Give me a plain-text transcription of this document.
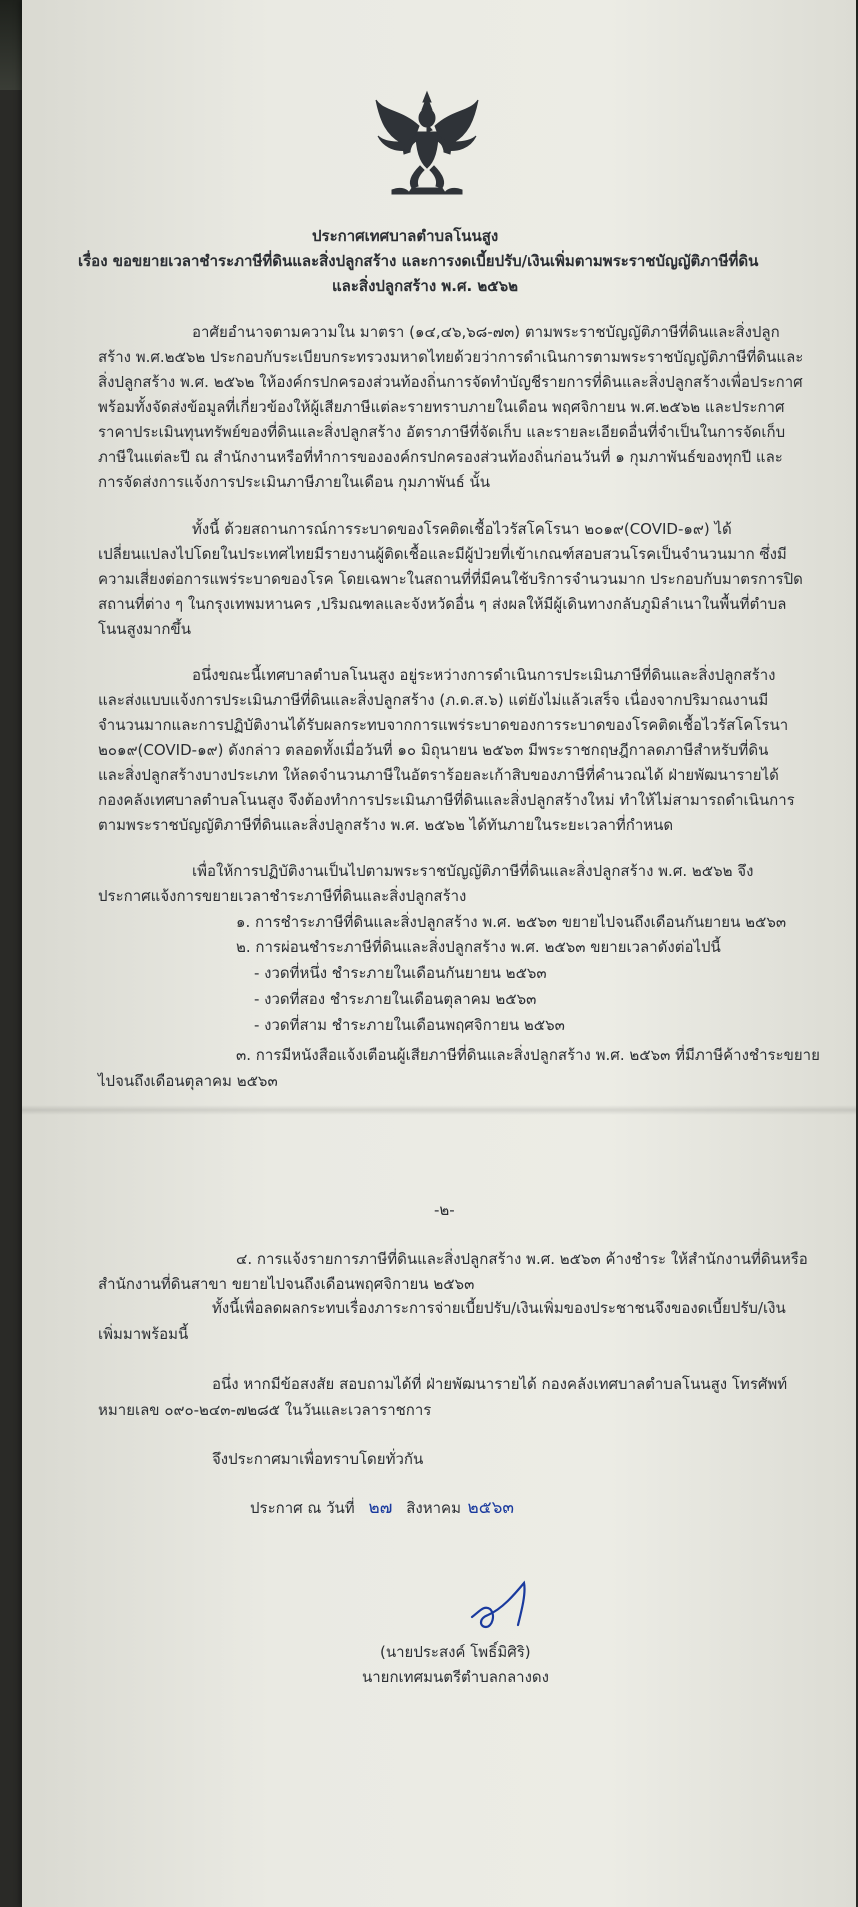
ประกาศเทศบาลตำบลโนนสูง

เรื่อง ขอขยายเวลาชำระภาษีที่ดินและสิ่งปลูกสร้าง และการงดเบี้ยปรับ/เงินเพิ่มตามพระราชบัญญัติภาษีที่ดิน

และสิ่งปลูกสร้าง พ.ศ. ๒๕๖๒

อาศัยอำนาจตามความใน มาตรา (๑๔,๔๖,๖๘-๗๓) ตามพระราชบัญญัติภาษีที่ดินและสิ่งปลูก

สร้าง พ.ศ.๒๕๖๒ ประกอบกับระเบียบกระทรวงมหาดไทยด้วยว่าการดำเนินการตามพระราชบัญญัติภาษีที่ดินและ

สิ่งปลูกสร้าง พ.ศ. ๒๕๖๒ ให้องค์กรปกครองส่วนท้องถิ่นการจัดทำบัญชีรายการที่ดินและสิ่งปลูกสร้างเพื่อประกาศ

พร้อมทั้งจัดส่งข้อมูลที่เกี่ยวข้องให้ผู้เสียภาษีแต่ละรายทราบภายในเดือน พฤศจิกายน พ.ศ.๒๕๖๒ และประกาศ

ราคาประเมินทุนทรัพย์ของที่ดินและสิ่งปลูกสร้าง อัตราภาษีที่จัดเก็บ และรายละเอียดอื่นที่จำเป็นในการจัดเก็บ

ภาษีในแต่ละปี ณ สำนักงานหรือที่ทำการขององค์กรปกครองส่วนท้องถิ่นก่อนวันที่ ๑ กุมภาพันธ์ของทุกปี และ

การจัดส่งการแจ้งการประเมินภาษีภายในเดือน กุมภาพันธ์ นั้น

ทั้งนี้ ด้วยสถานการณ์การระบาดของโรคติดเชื้อไวรัสโคโรนา ๒๐๑๙(COVID-๑๙) ได้

เปลี่ยนแปลงไปโดยในประเทศไทยมีรายงานผู้ติดเชื้อและมีผู้ป่วยที่เข้าเกณฑ์สอบสวนโรคเป็นจำนวนมาก ซึ่งมี

ความเสี่ยงต่อการแพร่ระบาดของโรค โดยเฉพาะในสถานที่ที่มีคนใช้บริการจำนวนมาก ประกอบกับมาตรการปิด

สถานที่ต่าง ๆ ในกรุงเทพมหานคร ,ปริมณฑลและจังหวัดอื่น ๆ ส่งผลให้มีผู้เดินทางกลับภูมิลำเนาในพื้นที่ตำบล

โนนสูงมากขึ้น

อนึ่งขณะนี้เทศบาลตำบลโนนสูง อยู่ระหว่างการดำเนินการประเมินภาษีที่ดินและสิ่งปลูกสร้าง

และส่งแบบแจ้งการประเมินภาษีที่ดินและสิ่งปลูกสร้าง (ภ.ด.ส.๖) แต่ยังไม่แล้วเสร็จ เนื่องจากปริมาณงานมี

จำนวนมากและการปฏิบัติงานได้รับผลกระทบจากการแพร่ระบาดของการระบาดของโรคติดเชื้อไวรัสโคโรนา

๒๐๑๙(COVID-๑๙) ดังกล่าว ตลอดทั้งเมื่อวันที่ ๑๐ มิถุนายน ๒๕๖๓ มีพระราชกฤษฎีกาลดภาษีสำหรับที่ดิน

และสิ่งปลูกสร้างบางประเภท ให้ลดจำนวนภาษีในอัตราร้อยละเก้าสิบของภาษีที่คำนวณได้ ฝ่ายพัฒนารายได้

กองคลังเทศบาลตำบลโนนสูง จึงต้องทำการประเมินภาษีที่ดินและสิ่งปลูกสร้างใหม่ ทำให้ไม่สามารถดำเนินการ

ตามพระราชบัญญัติภาษีที่ดินและสิ่งปลูกสร้าง พ.ศ. ๒๕๖๒ ได้ทันภายในระยะเวลาที่กำหนด

เพื่อให้การปฏิบัติงานเป็นไปตามพระราชบัญญัติภาษีที่ดินและสิ่งปลูกสร้าง พ.ศ. ๒๕๖๒ จึง

ประกาศแจ้งการขยายเวลาชำระภาษีที่ดินและสิ่งปลูกสร้าง

๑. การชำระภาษีที่ดินและสิ่งปลูกสร้าง พ.ศ. ๒๕๖๓ ขยายไปจนถึงเดือนกันยายน ๒๕๖๓

๒. การผ่อนชำระภาษีที่ดินและสิ่งปลูกสร้าง พ.ศ. ๒๕๖๓ ขยายเวลาดังต่อไปนี้

- งวดที่หนึ่ง ชำระภายในเดือนกันยายน ๒๕๖๓

- งวดที่สอง ชำระภายในเดือนตุลาคม ๒๕๖๓

- งวดที่สาม ชำระภายในเดือนพฤศจิกายน ๒๕๖๓

๓. การมีหนังสือแจ้งเตือนผู้เสียภาษีที่ดินและสิ่งปลูกสร้าง พ.ศ. ๒๕๖๓ ที่มีภาษีค้างชำระขยาย

ไปจนถึงเดือนตุลาคม ๒๕๖๓

-๒-

๔. การแจ้งรายการภาษีที่ดินและสิ่งปลูกสร้าง พ.ศ. ๒๕๖๓ ค้างชำระ ให้สำนักงานที่ดินหรือ

สำนักงานที่ดินสาขา ขยายไปจนถึงเดือนพฤศจิกายน ๒๕๖๓

ทั้งนี้เพื่อลดผลกระทบเรื่องภาระการจ่ายเบี้ยปรับ/เงินเพิ่มของประชาชนจึงของดเบี้ยปรับ/เงิน

เพิ่มมาพร้อมนี้

อนึ่ง หากมีข้อสงสัย สอบถามได้ที่ ฝ่ายพัฒนารายได้ กองคลังเทศบาลตำบลโนนสูง โทรศัพท์

หมายเลข ๐๙๐-๒๔๓-๗๒๘๕ ในวันและเวลาราชการ

จึงประกาศมาเพื่อทราบโดยทั่วกัน

ประกาศ ณ วันที่ ๒๗ สิงหาคม ๒๕๖๓

(นายประสงค์ โพธิ์มิศิริ)

นายกเทศมนตรีตำบลกลางดง
